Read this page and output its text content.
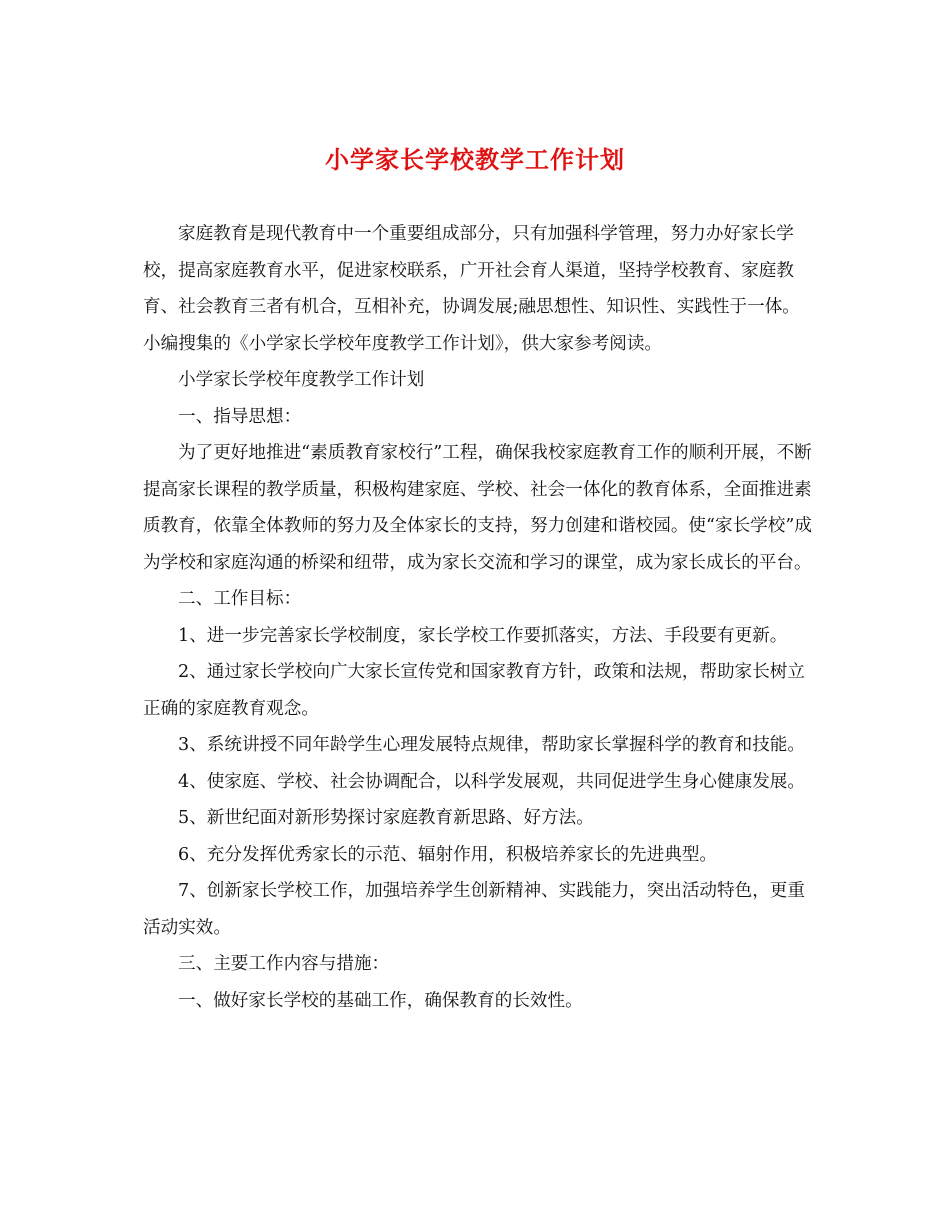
小学家长学校教学工作计划

家庭教育是现代教育中一个重要组成部分，只有加强科学管理，努力办好家长学校，提高家庭教育水平，促进家校联系，广开社会育人渠道，坚持学校教育、家庭教育、社会教育三者有机合，互相补充，协调发展;融思想性、知识性、实践性于一体。小编搜集的《小学家长学校年度教学工作计划》，供大家参考阅读。

小学家长学校年度教学工作计划

一、指导思想：

为了更好地推进“素质教育家校行”工程，确保我校家庭教育工作的顺利开展，不断提高家长课程的教学质量，积极构建家庭、学校、社会一体化的教育体系，全面推进素质教育，依靠全体教师的努力及全体家长的支持，努力创建和谐校园。使“家长学校”成为学校和家庭沟通的桥梁和纽带，成为家长交流和学习的课堂，成为家长成长的平台。

二、工作目标：

1、进一步完善家长学校制度，家长学校工作要抓落实，方法、手段要有更新。

2、通过家长学校向广大家长宣传党和国家教育方针，政策和法规，帮助家长树立正确的家庭教育观念。

3、系统讲授不同年龄学生心理发展特点规律，帮助家长掌握科学的教育和技能。

4、使家庭、学校、社会协调配合，以科学发展观，共同促进学生身心健康发展。

5、新世纪面对新形势探讨家庭教育新思路、好方法。

6、充分发挥优秀家长的示范、辐射作用，积极培养家长的先进典型。

7、创新家长学校工作，加强培养学生创新精神、实践能力，突出活动特色，更重活动实效。

三、主要工作内容与措施：

一、做好家长学校的基础工作，确保教育的长效性。
